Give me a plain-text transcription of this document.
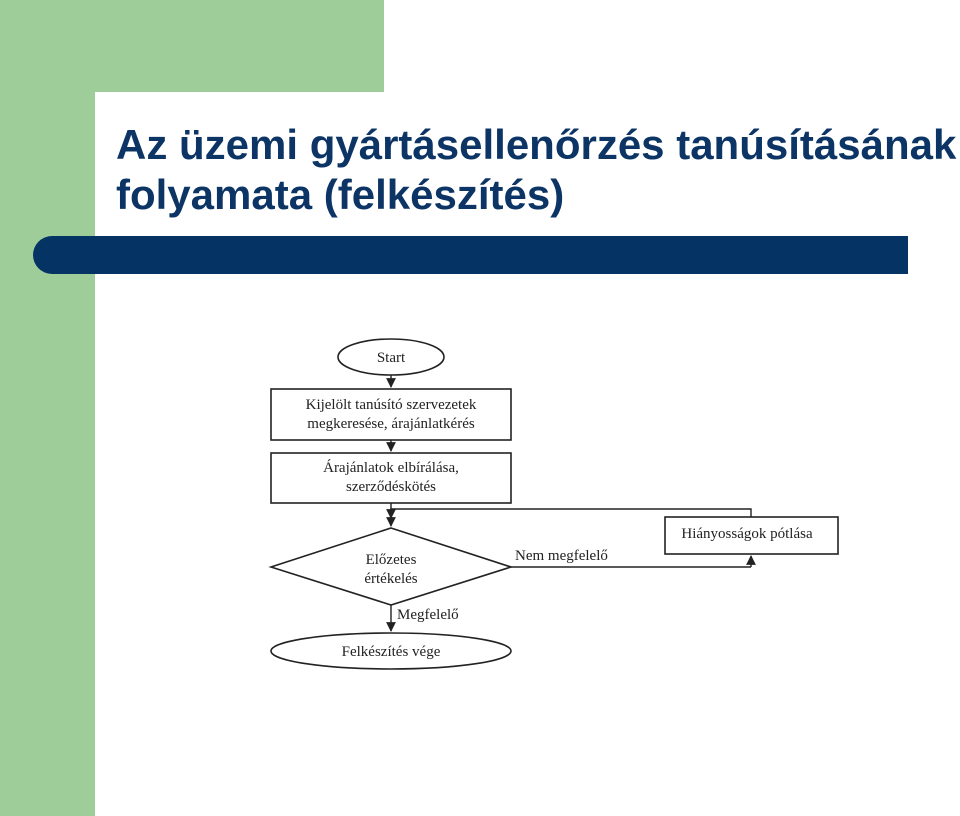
Az üzemi gyártásellenőrzés tanúsításának
folyamata (felkészítés)
Start
Kijelölt tanúsító szervezetek
megkeresése, árajánlatkérés
Árajánlatok elbírálása,
szerződéskötés
Előzetes
értékelés
Nem megfelelő
Hiányosságok pótlása
Megfelelő
Felkészítés vége
